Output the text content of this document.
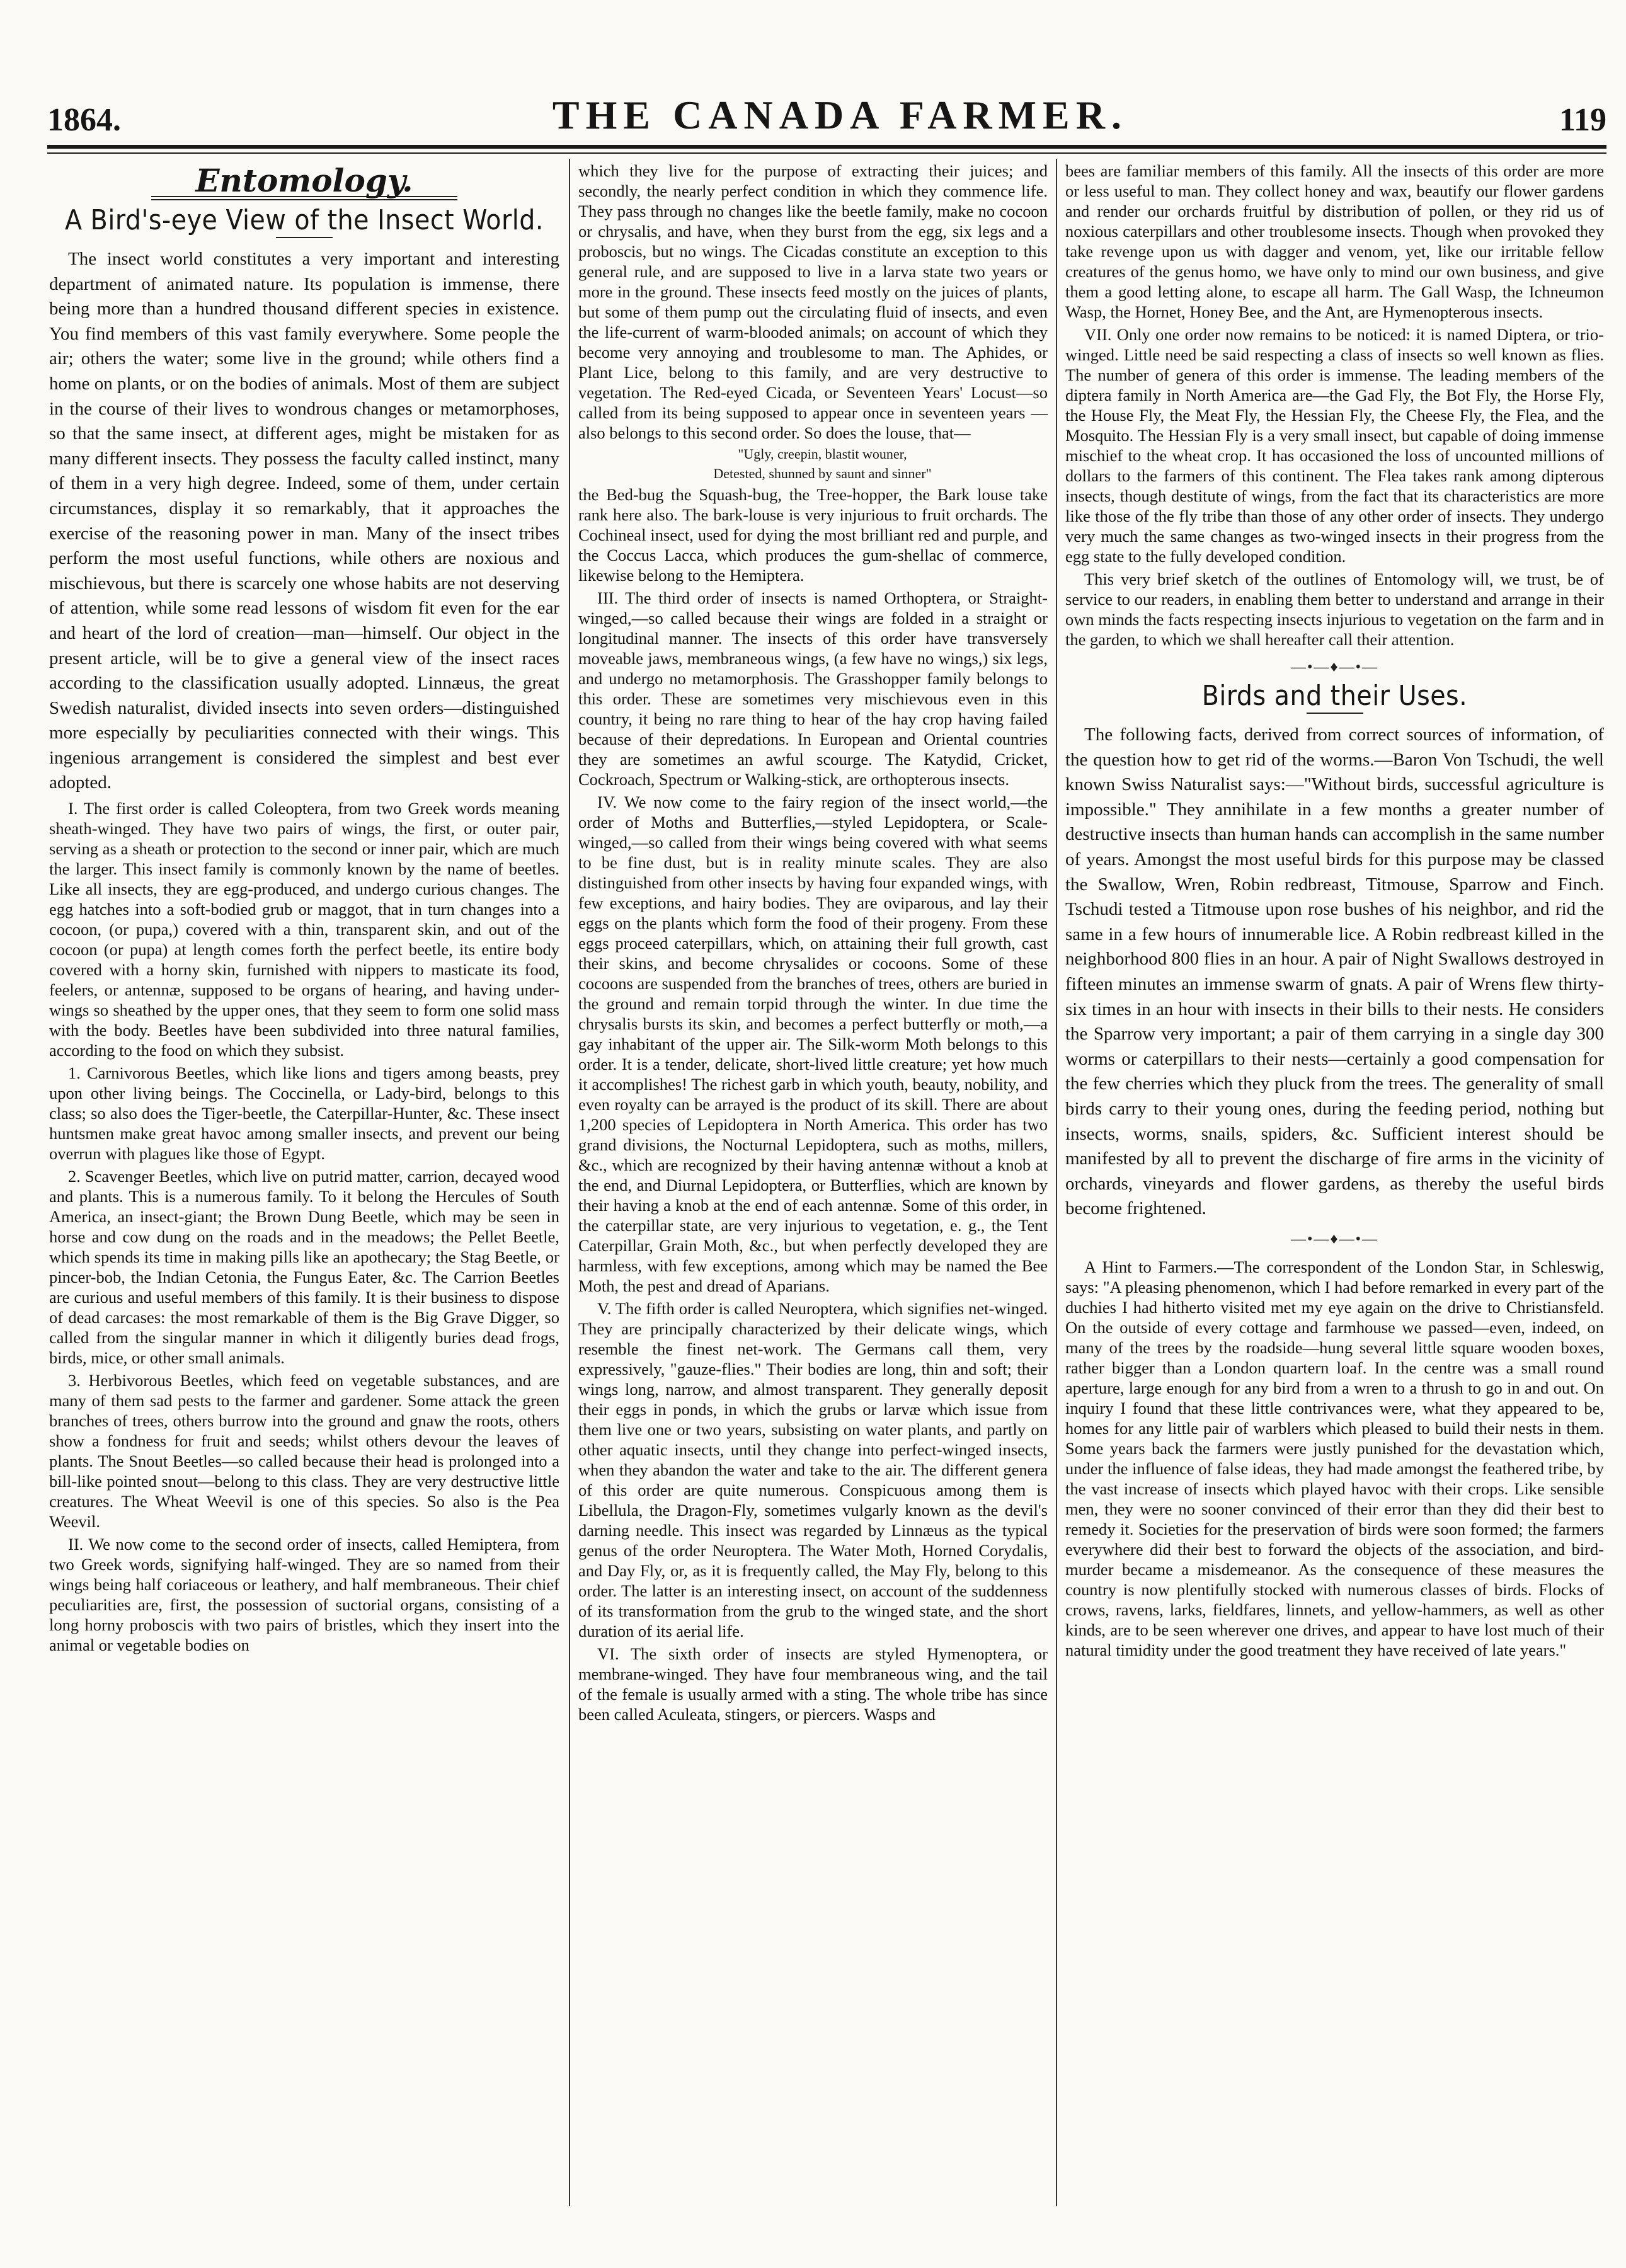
1864.	THE CANADA FARMER.	119
Entomology.
A Bird's-eye View of the Insect World.

The insect world constitutes a very important and interesting department of animated nature. Its population is immense, there being more than a hundred thousand different species in existence. You find members of this vast family everywhere. Some people the air; others the water; some live in the ground; while others find a home on plants, or on the bodies of animals. Most of them are subject in the course of their lives to wondrous changes or metamorphoses, so that the same insect, at different ages, might be mistaken for as many different insects. They possess the faculty called instinct, many of them in a very high degree. Indeed, some of them, under certain circumstances, display it so remarkably, that it approaches the exercise of the reasoning power in man. Many of the insect tribes perform the most useful functions, while others are noxious and mischievous, but there is scarcely one whose habits are not deserving of attention, while some read lessons of wisdom fit even for the ear and heart of the lord of creation—man—himself. Our object in the present article, will be to give a general view of the insect races according to the classification usually adopted. Linnæus, the great Swedish naturalist, divided insects into seven orders—distinguished more especially by peculiarities connected with their wings. This ingenious arrangement is considered the simplest and best ever adopted.

I. The first order is called Coleoptera, from two Greek words meaning sheath-winged. They have two pairs of wings, the first, or outer pair, serving as a sheath or protection to the second or inner pair, which are much the larger. This insect family is commonly known by the name of beetles. Like all insects, they are egg-produced, and undergo curious changes. The egg hatches into a soft-bodied grub or maggot, that in turn changes into a cocoon, (or pupa,) covered with a thin, transparent skin, and out of the cocoon (or pupa) at length comes forth the perfect beetle, its entire body covered with a horny skin, furnished with nippers to masticate its food, feelers, or antennæ, supposed to be organs of hearing, and having under-wings so sheathed by the upper ones, that they seem to form one solid mass with the body. Beetles have been subdivided into three natural families, according to the food on which they subsist.

1. Carnivorous Beetles, which like lions and tigers among beasts, prey upon other living beings. The Coccinella, or Lady-bird, belongs to this class; so also does the Tiger-beetle, the Caterpillar-Hunter, &c. These insect huntsmen make great havoc among smaller insects, and prevent our being overrun with plagues like those of Egypt.

2. Scavenger Beetles, which live on putrid matter, carrion, decayed wood and plants. This is a numerous family. To it belong the Hercules of South America, an insect-giant; the Brown Dung Beetle, which may be seen in horse and cow dung on the roads and in the meadows; the Pellet Beetle, which spends its time in making pills like an apothecary; the Stag Beetle, or pincer-bob, the Indian Cetonia, the Fungus Eater, &c. The Carrion Beetles are curious and useful members of this family. It is their business to dispose of dead carcases: the most remarkable of them is the Big Grave Digger, so called from the singular manner in which it diligently buries dead frogs, birds, mice, or other small animals.

3. Herbivorous Beetles, which feed on vegetable substances, and are many of them sad pests to the farmer and gardener. Some attack the green branches of trees, others burrow into the ground and gnaw the roots, others show a fondness for fruit and seeds; whilst others devour the leaves of plants. The Snout Beetles—so called because their head is prolonged into a bill-like pointed snout—belong to this class. They are very destructive little creatures. The Wheat Weevil is one of this species. So also is the Pea Weevil.

II. We now come to the second order of insects, called Hemiptera, from two Greek words, signifying half-winged. They are so named from their wings being half coriaceous or leathery, and half membraneous. Their chief peculiarities are, first, the possession of suctorial organs, consisting of a long horny proboscis with two pairs of bristles, which they insert into the animal or vegetable bodies on

which they live for the purpose of extracting their juices; and secondly, the nearly perfect condition in which they commence life. They pass through no changes like the beetle family, make no cocoon or chrysalis, and have, when they burst from the egg, six legs and a proboscis, but no wings. The Cicadas constitute an exception to this general rule, and are supposed to live in a larva state two years or more in the ground. These insects feed mostly on the juices of plants, but some of them pump out the circulating fluid of insects, and even the life-current of warm-blooded animals; on account of which they become very annoying and troublesome to man. The Aphides, or Plant Lice, belong to this family, and are very destructive to vegetation. The Red-eyed Cicada, or Seventeen Years' Locust—so called from its being supposed to appear once in seventeen years —also belongs to this second order. So does the louse, that—

"Ugly, creepin, blastit wouner,

Detested, shunned by saunt and sinner"

the Bed-bug the Squash-bug, the Tree-hopper, the Bark louse take rank here also. The bark-louse is very injurious to fruit orchards. The Cochineal insect, used for dying the most brilliant red and purple, and the Coccus Lacca, which produces the gum-shellac of commerce, likewise belong to the Hemiptera.

III. The third order of insects is named Orthoptera, or Straight-winged,—so called because their wings are folded in a straight or longitudinal manner. The insects of this order have transversely moveable jaws, membraneous wings, (a few have no wings,) six legs, and undergo no metamorphosis. The Grasshopper family belongs to this order. These are sometimes very mischievous even in this country, it being no rare thing to hear of the hay crop having failed because of their depredations. In European and Oriental countries they are sometimes an awful scourge. The Katydid, Cricket, Cockroach, Spectrum or Walking-stick, are orthopterous insects.

IV. We now come to the fairy region of the insect world,—the order of Moths and Butterflies,—styled Lepidoptera, or Scale-winged,—so called from their wings being covered with what seems to be fine dust, but is in reality minute scales. They are also distinguished from other insects by having four expanded wings, with few exceptions, and hairy bodies. They are oviparous, and lay their eggs on the plants which form the food of their progeny. From these eggs proceed caterpillars, which, on attaining their full growth, cast their skins, and become chrysalides or cocoons. Some of these cocoons are suspended from the branches of trees, others are buried in the ground and remain torpid through the winter. In due time the chrysalis bursts its skin, and becomes a perfect butterfly or moth,—a gay inhabitant of the upper air. The Silk-worm Moth belongs to this order. It is a tender, delicate, short-lived little creature; yet how much it accomplishes! The richest garb in which youth, beauty, nobility, and even royalty can be arrayed is the product of its skill. There are about 1,200 species of Lepidoptera in North America. This order has two grand divisions, the Nocturnal Lepidoptera, such as moths, millers, &c., which are recognized by their having antennæ without a knob at the end, and Diurnal Lepidoptera, or Butterflies, which are known by their having a knob at the end of each antennæ. Some of this order, in the caterpillar state, are very injurious to vegetation, e. g., the Tent Caterpillar, Grain Moth, &c., but when perfectly developed they are harmless, with few exceptions, among which may be named the Bee Moth, the pest and dread of Aparians.

V. The fifth order is called Neuroptera, which signifies net-winged. They are principally characterized by their delicate wings, which resemble the finest net-work. The Germans call them, very expressively, "gauze-flies." Their bodies are long, thin and soft; their wings long, narrow, and almost transparent. They generally deposit their eggs in ponds, in which the grubs or larvæ which issue from them live one or two years, subsisting on water plants, and partly on other aquatic insects, until they change into perfect-winged insects, when they abandon the water and take to the air. The different genera of this order are quite numerous. Conspicuous among them is Libellula, the Dragon-Fly, sometimes vulgarly known as the devil's darning needle. This insect was regarded by Linnæus as the typical genus of the order Neuroptera. The Water Moth, Horned Corydalis, and Day Fly, or, as it is frequently called, the May Fly, belong to this order. The latter is an interesting insect, on account of the suddenness of its transformation from the grub to the winged state, and the short duration of its aerial life.

VI. The sixth order of insects are styled Hymenoptera, or membrane-winged. They have four membraneous wing, and the tail of the female is usually armed with a sting. The whole tribe has since been called Aculeata, stingers, or piercers. Wasps and

bees are familiar members of this family. All the insects of this order are more or less useful to man. They collect honey and wax, beautify our flower gardens and render our orchards fruitful by distribution of pollen, or they rid us of noxious caterpillars and other troublesome insects. Though when provoked they take revenge upon us with dagger and venom, yet, like our irritable fellow creatures of the genus homo, we have only to mind our own business, and give them a good letting alone, to escape all harm. The Gall Wasp, the Ichneumon Wasp, the Hornet, Honey Bee, and the Ant, are Hymenopterous insects.

VII. Only one order now remains to be noticed: it is named Diptera, or trio-winged. Little need be said respecting a class of insects so well known as flies. The number of genera of this order is immense. The leading members of the diptera family in North America are—the Gad Fly, the Bot Fly, the Horse Fly, the House Fly, the Meat Fly, the Hessian Fly, the Cheese Fly, the Flea, and the Mosquito. The Hessian Fly is a very small insect, but capable of doing immense mischief to the wheat crop. It has occasioned the loss of uncounted millions of dollars to the farmers of this continent. The Flea takes rank among dipterous insects, though destitute of wings, from the fact that its characteristics are more like those of the fly tribe than those of any other order of insects. They undergo very much the same changes as two-winged insects in their progress from the egg state to the fully developed condition.

This very brief sketch of the outlines of Entomology will, we trust, be of service to our readers, in enabling them better to understand and arrange in their own minds the facts respecting insects injurious to vegetation on the farm and in the garden, to which we shall hereafter call their attention.

—•—♦—•—
Birds and their Uses.

The following facts, derived from correct sources of information, of the question how to get rid of the worms.—Baron Von Tschudi, the well known Swiss Naturalist says:—"Without birds, successful agriculture is impossible." They annihilate in a few months a greater number of destructive insects than human hands can accomplish in the same number of years. Amongst the most useful birds for this purpose may be classed the Swallow, Wren, Robin redbreast, Titmouse, Sparrow and Finch. Tschudi tested a Titmouse upon rose bushes of his neighbor, and rid the same in a few hours of innumerable lice. A Robin redbreast killed in the neighborhood 800 flies in an hour. A pair of Night Swallows destroyed in fifteen minutes an immense swarm of gnats. A pair of Wrens flew thirty-six times in an hour with insects in their bills to their nests. He considers the Sparrow very important; a pair of them carrying in a single day 300 worms or caterpillars to their nests—certainly a good compensation for the few cherries which they pluck from the trees. The generality of small birds carry to their young ones, during the feeding period, nothing but insects, worms, snails, spiders, &c. Sufficient interest should be manifested by all to prevent the discharge of fire arms in the vicinity of orchards, vineyards and flower gardens, as thereby the useful birds become frightened.

—•—♦—•—

A Hint to Farmers.—The correspondent of the London Star, in Schleswig, says: "A pleasing phenomenon, which I had before remarked in every part of the duchies I had hitherto visited met my eye again on the drive to Christiansfeld. On the outside of every cottage and farmhouse we passed—even, indeed, on many of the trees by the roadside—hung several little square wooden boxes, rather bigger than a London quartern loaf. In the centre was a small round aperture, large enough for any bird from a wren to a thrush to go in and out. On inquiry I found that these little contrivances were, what they appeared to be, homes for any little pair of warblers which pleased to build their nests in them. Some years back the farmers were justly punished for the devastation which, under the influence of false ideas, they had made amongst the feathered tribe, by the vast increase of insects which played havoc with their crops. Like sensible men, they were no sooner convinced of their error than they did their best to remedy it. Societies for the preservation of birds were soon formed; the farmers everywhere did their best to forward the objects of the association, and bird-murder became a misdemeanor. As the consequence of these measures the country is now plentifully stocked with numerous classes of birds. Flocks of crows, ravens, larks, fieldfares, linnets, and yellow-hammers, as well as other kinds, are to be seen wherever one drives, and appear to have lost much of their natural timidity under the good treatment they have received of late years."
